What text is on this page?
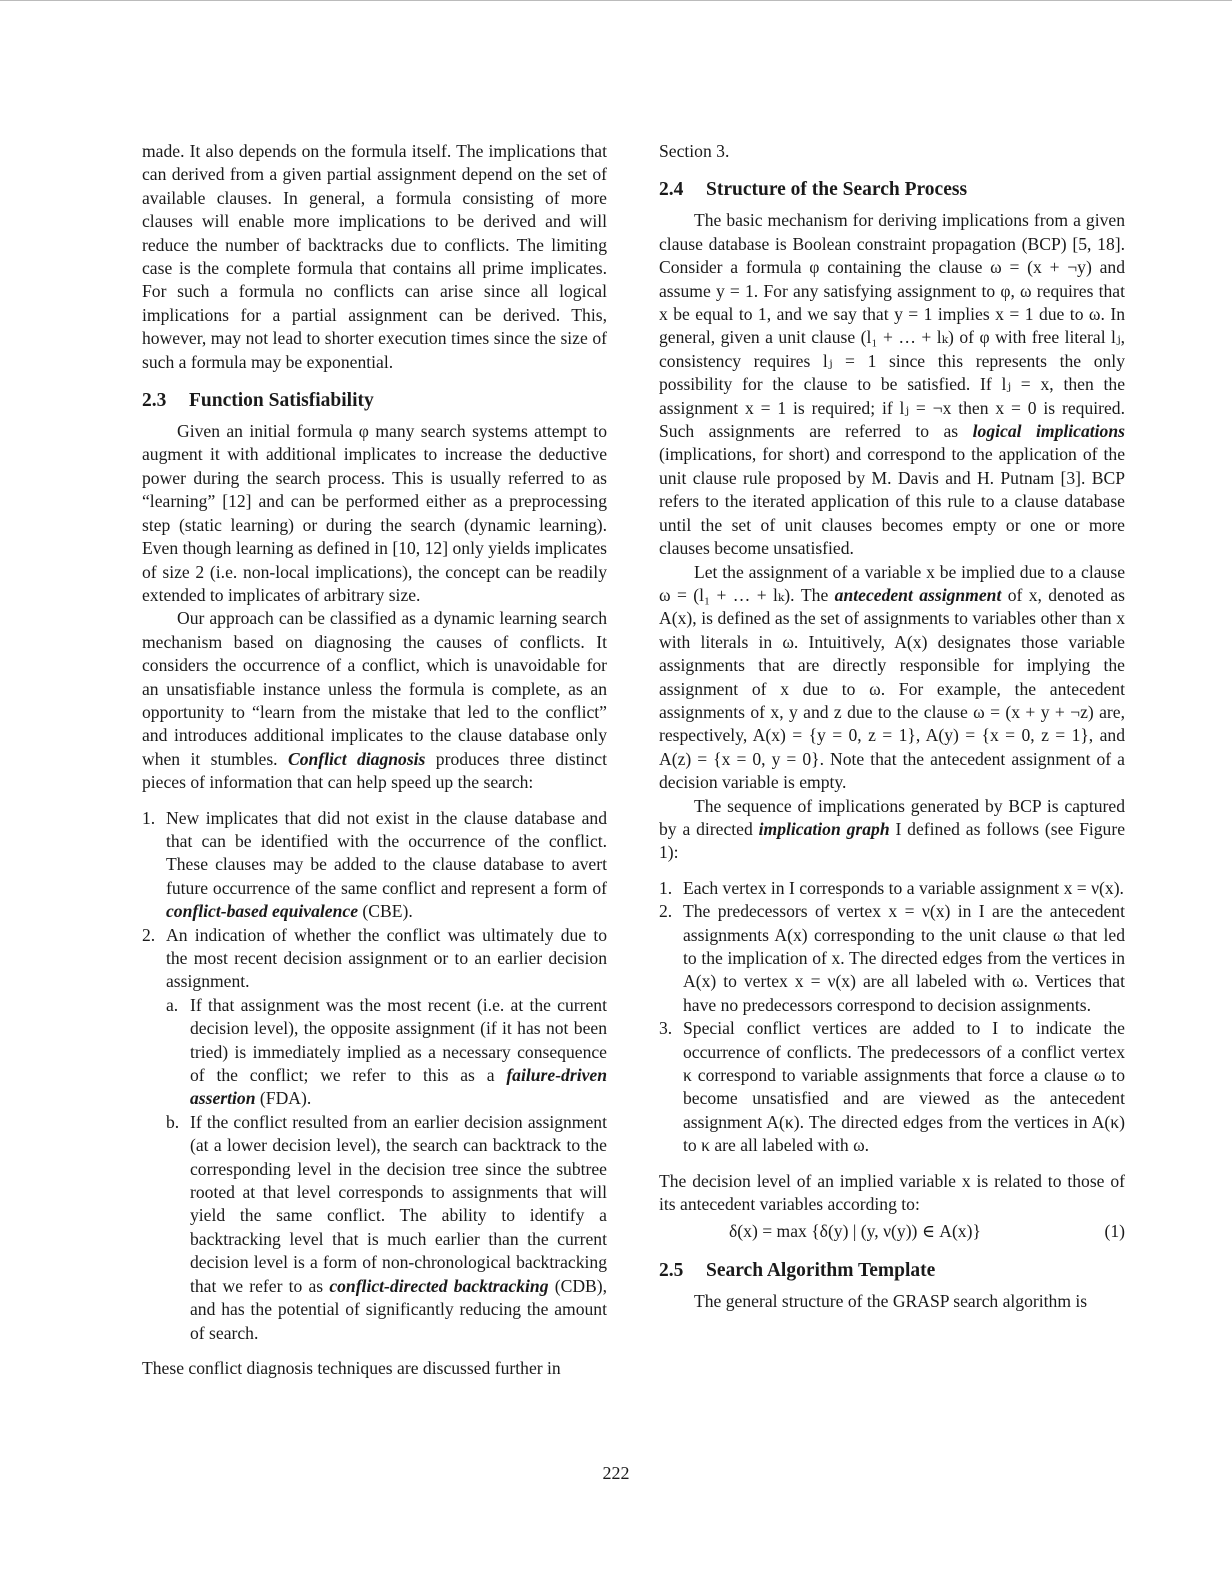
made. It also depends on the formula itself. The implications that can derived from a given partial assignment depend on the set of available clauses. In general, a formula consisting of more clauses will enable more implications to be derived and will reduce the number of backtracks due to conflicts. The limiting case is the complete formula that contains all prime implicates. For such a formula no conflicts can arise since all logical implications for a partial assignment can be derived. This, however, may not lead to shorter execution times since the size of such a formula may be exponential.

2.3 Function Satisfiability

Given an initial formula φ many search systems attempt to augment it with additional implicates to increase the deductive power during the search process. This is usually referred to as “learning” [12] and can be performed either as a preprocessing step (static learning) or during the search (dynamic learning). Even though learning as defined in [10, 12] only yields implicates of size 2 (i.e. non-local implications), the concept can be readily extended to implicates of arbitrary size.

Our approach can be classified as a dynamic learning search mechanism based on diagnosing the causes of conflicts. It considers the occurrence of a conflict, which is unavoidable for an unsatisfiable instance unless the formula is complete, as an opportunity to “learn from the mistake that led to the conflict” and introduces additional implicates to the clause database only when it stumbles. Conflict diagnosis produces three distinct pieces of information that can help speed up the search:

1. New implicates that did not exist in the clause database and that can be identified with the occurrence of the conflict. These clauses may be added to the clause database to avert future occurrence of the same conflict and represent a form of conflict-based equivalence (CBE).
2. An indication of whether the conflict was ultimately due to the most recent decision assignment or to an earlier decision assignment.
a. If that assignment was the most recent (i.e. at the current decision level), the opposite assignment (if it has not been tried) is immediately implied as a necessary consequence of the conflict; we refer to this as a failure-driven assertion (FDA).
b. If the conflict resulted from an earlier decision assignment (at a lower decision level), the search can backtrack to the corresponding level in the decision tree since the subtree rooted at that level corresponds to assignments that will yield the same conflict. The ability to identify a backtracking level that is much earlier than the current decision level is a form of non-chronological backtracking that we refer to as conflict-directed backtracking (CDB), and has the potential of significantly reducing the amount of search.

These conflict diagnosis techniques are discussed further in

Section 3.

2.4 Structure of the Search Process

The basic mechanism for deriving implications from a given clause database is Boolean constraint propagation (BCP) [5, 18]. Consider a formula φ containing the clause ω = (x + ¬y) and assume y = 1. For any satisfying assignment to φ, ω requires that x be equal to 1, and we say that y = 1 implies x = 1 due to ω. In general, given a unit clause (l₁ + … + lₖ) of φ with free literal lⱼ, consistency requires lⱼ = 1 since this represents the only possibility for the clause to be satisfied. If lⱼ = x, then the assignment x = 1 is required; if lⱼ = ¬x then x = 0 is required. Such assignments are referred to as logical implications (implications, for short) and correspond to the application of the unit clause rule proposed by M. Davis and H. Putnam [3]. BCP refers to the iterated application of this rule to a clause database until the set of unit clauses becomes empty or one or more clauses become unsatisfied.

Let the assignment of a variable x be implied due to a clause ω = (l₁ + … + lₖ). The antecedent assignment of x, denoted as A(x), is defined as the set of assignments to variables other than x with literals in ω. Intuitively, A(x) designates those variable assignments that are directly responsible for implying the assignment of x due to ω. For example, the antecedent assignments of x, y and z due to the clause ω = (x + y + ¬z) are, respectively, A(x) = {y = 0, z = 1}, A(y) = {x = 0, z = 1}, and A(z) = {x = 0, y = 0}. Note that the antecedent assignment of a decision variable is empty.

The sequence of implications generated by BCP is captured by a directed implication graph I defined as follows (see Figure 1):

1. Each vertex in I corresponds to a variable assignment x = ν(x).
2. The predecessors of vertex x = ν(x) in I are the antecedent assignments A(x) corresponding to the unit clause ω that led to the implication of x. The directed edges from the vertices in A(x) to vertex x = ν(x) are all labeled with ω. Vertices that have no predecessors correspond to decision assignments.
3. Special conflict vertices are added to I to indicate the occurrence of conflicts. The predecessors of a conflict vertex κ correspond to variable assignments that force a clause ω to become unsatisfied and are viewed as the antecedent assignment A(κ). The directed edges from the vertices in A(κ) to κ are all labeled with ω.

The decision level of an implied variable x is related to those of its antecedent variables according to:

δ(x) = max {δ(y) | (y, ν(y)) ∈ A(x)}	(1)
2.5 Search Algorithm Template

The general structure of the GRASP search algorithm is

222
